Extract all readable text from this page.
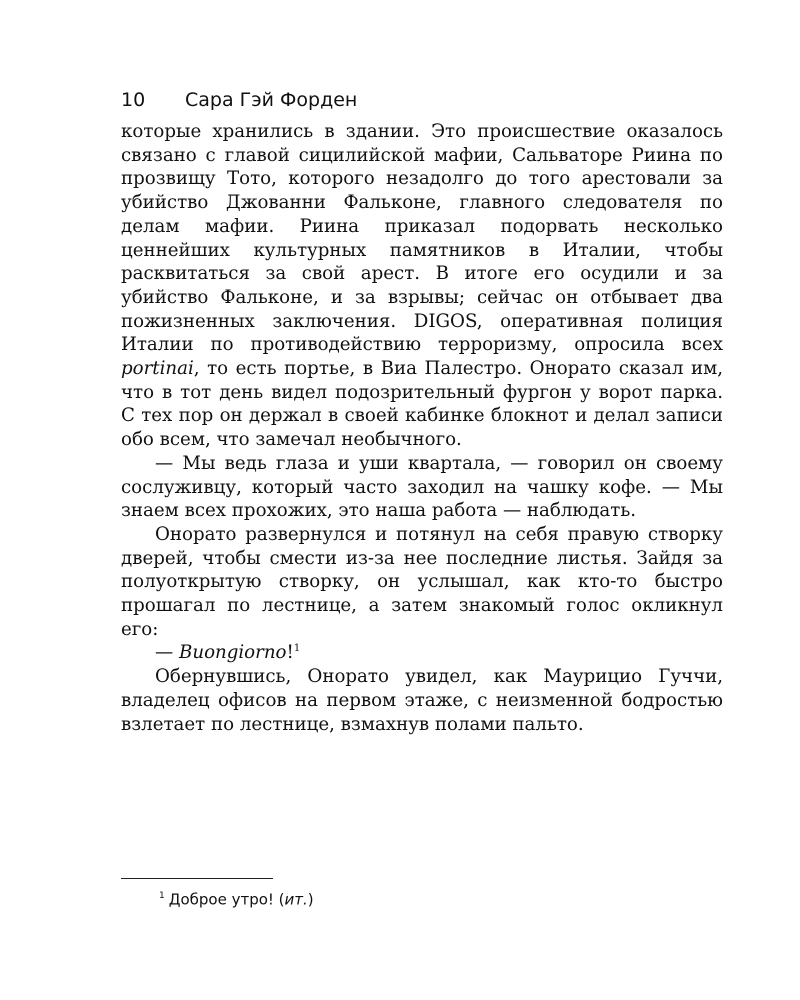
10 Сара Гэй Форден

которые хранились в здании. Это происшествие оказалось связано с главой сицилийской мафии, Сальваторе Риина по прозвищу Тото, которого незадолго до того арестовали за убийство Джованни Фальконе, главного следователя по делам мафии. Риина приказал подорвать несколько ценнейших культурных памятников в Италии, чтобы расквитаться за свой арест. В итоге его осудили и за убийство Фальконе, и за взрывы; сейчас он отбывает два пожизненных заключения. DIGOS, оперативная полиция Италии по противодействию терроризму, опросила всех portinai, то есть портье, в Виа Палестро. Онорато сказал им, что в тот день видел подозрительный фургон у ворот парка. С тех пор он держал в своей кабинке блокнот и делал записи обо всем, что замечал необычного.

— Мы ведь глаза и уши квартала, — говорил он своему сослуживцу, который часто заходил на чашку кофе. — Мы знаем всех прохожих, это наша работа — наблюдать.

Онорато развернулся и потянул на себя правую створку дверей, чтобы смести из-за нее последние листья. Зайдя за полуоткрытую створку, он услышал, как кто-то быстро прошагал по лестнице, а затем знакомый голос окликнул его:

— Buongiorno!$^1$

Обернувшись, Онорато увидел, как Маурицио Гуччи, владелец офисов на первом этаже, с неизменной бодростью взлетает по лестнице, взмахнув полами пальто.

$^1$ Доброе утро! (ит.)
